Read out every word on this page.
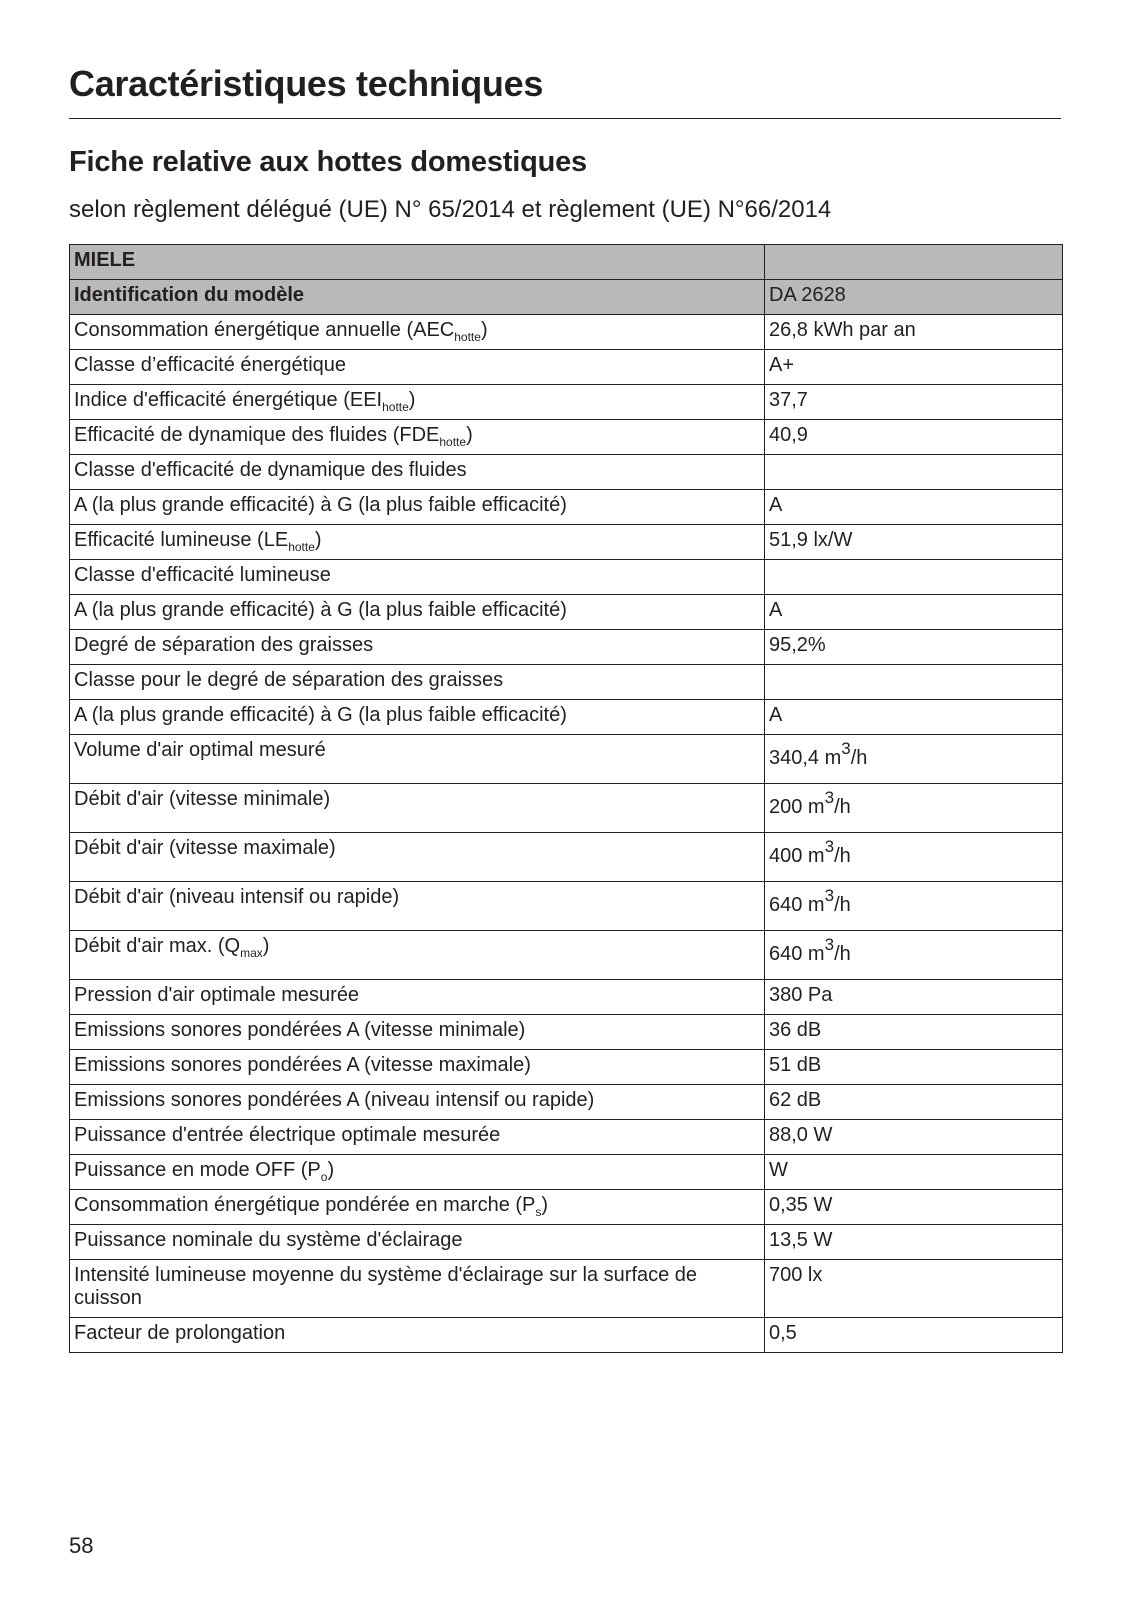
Caractéristiques techniques
Fiche relative aux hottes domestiques
selon règlement délégué (UE) N° 65/2014 et règlement (UE) N°66/2014
MIELE	
Identification du modèle	DA 2628
Consommation énergétique annuelle $(AEC_{hotte})$	26,8 kWh par an
Classe d’efficacité énergétique	A+
Indice d'efficacité énergétique $(EEI_{hotte})$	37,7
Efficacité de dynamique des fluides $(FDE_{hotte})$	40,9
Classe d'efficacité de dynamique des fluides	
A (la plus grande efficacité) à G (la plus faible efficacité)	A
Efficacité lumineuse $(LE_{hotte})$	51,9 lx/W
Classe d'efficacité lumineuse	
A (la plus grande efficacité) à G (la plus faible efficacité)	A
Degré de séparation des graisses	95,2%
Classe pour le degré de séparation des graisses	
A (la plus grande efficacité) à G (la plus faible efficacité)	A
Volume d'air optimal mesuré	340,4 $m^3/h$
Débit d'air (vitesse minimale)	200 $m^3/h$
Débit d'air (vitesse maximale)	400 $m^3/h$
Débit d'air (niveau intensif ou rapide)	640 $m^3/h$
Débit d'air max. $(Q_{max})$	640 $m^3/h$
Pression d'air optimale mesurée	380 Pa
Emissions sonores pondérées A (vitesse minimale)	36 dB
Emissions sonores pondérées A (vitesse maximale)	51 dB
Emissions sonores pondérées A (niveau intensif ou rapide)	62 dB
Puissance d'entrée électrique optimale mesurée	88,0 W
Puissance en mode OFF $(P_o)$	W
Consommation énergétique pondérée en marche $(P_s)$	0,35 W
Puissance nominale du système d'éclairage	13,5 W
Intensité lumineuse moyenne du système d'éclairage sur la surface de cuisson	700 lx
Facteur de prolongation	0,5
58
